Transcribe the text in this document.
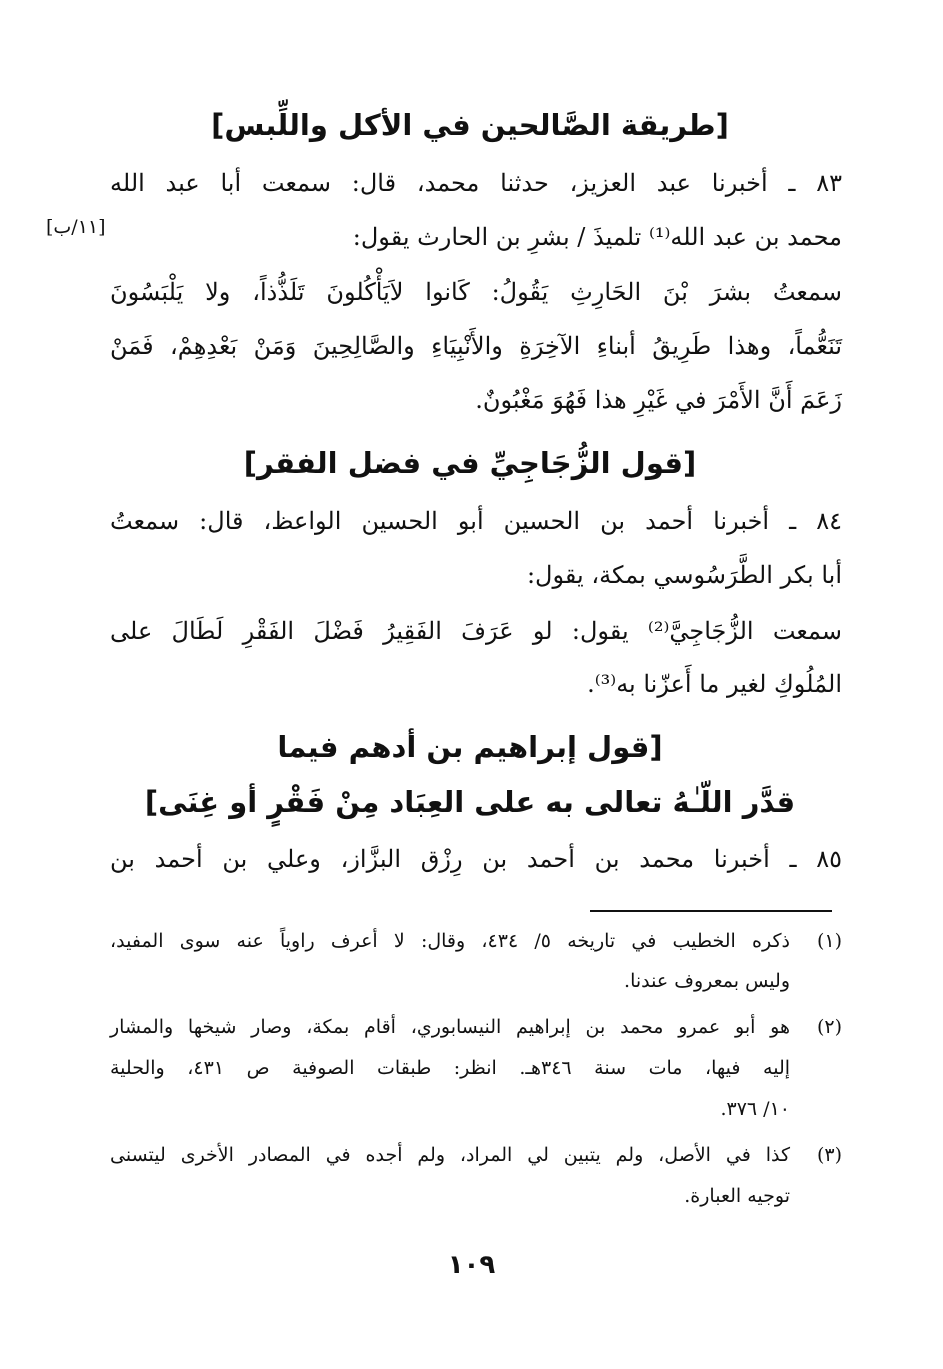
[طريقة الصَّالحين في الأكل واللِّبس]
٨٣ ـ أخبرنا عبد العزيز، حدثنا محمد، قال: سمعت أبا عبد الله
محمد بن عبد الله⁽¹⁾ تلميذَ / بشرِ بن الحارث يقول:
[١١/ب]
سمعتُ بشرَ بْنَ الحَارِثِ يَقُولُ: كَانوا لاَيَأْكُلونَ تَلَذُّذاً، ولا يَلْبَسُونَ
تَنَعُّماً، وهذا طَرِيقُ أبناءِ الآخِرَةِ والأَنْبِيَاءِ والصَّالِحِينَ وَمَنْ بَعْدِهِمْ، فَمَنْ
زَعَمَ أَنَّ الأَمْرَ في غَيْرِ هذا فَهُوَ مَغْبُونٌ.
[قول الزُّجَاجِيِّ في فضل الفقر]
٨٤ ـ أخبرنا أحمد بن الحسين أبو الحسين الواعظ، قال: سمعتُ
أبا بكر الطَّرَسُوسي بمكة، يقول:
سمعت الزُّجَاجِيَّ⁽²⁾ يقول: لو عَرَفَ الفَقِيرُ فَضْلَ الفَقْرِ لَطَالَ على
المُلُوكِ لغير ما أَعزّنا به⁽³⁾.
[قول إبراهيم بن أدهم فيما
قدَّر اللّـٰهُ تعالى به على العِبَاد مِنْ فَقْرٍ أو غِنَى]
٨٥ ـ أخبرنا محمد بن أحمد بن رِزْق البزَّاز، وعلي بن أحمد بن
(١)
ذكره الخطيب في تاريخه ٥/ ٤٣٤، وقال: لا أعرف راوياً عنه سوى المفيد،
وليس بمعروف عندنا.
(٢)
هو أبو عمرو محمد بن إبراهيم النيسابوري، أقام بمكة، وصار شيخها والمشار
إليه فيها، مات سنة ٣٤٦هـ. انظر: طبقات الصوفية ص ٤٣١، والحلية
١٠/ ٣٧٦.
(٣)
كذا في الأصل، ولم يتبين لي المراد، ولم أجده في المصادر الأخرى ليتسنى
توجيه العبارة.
١٠٩
